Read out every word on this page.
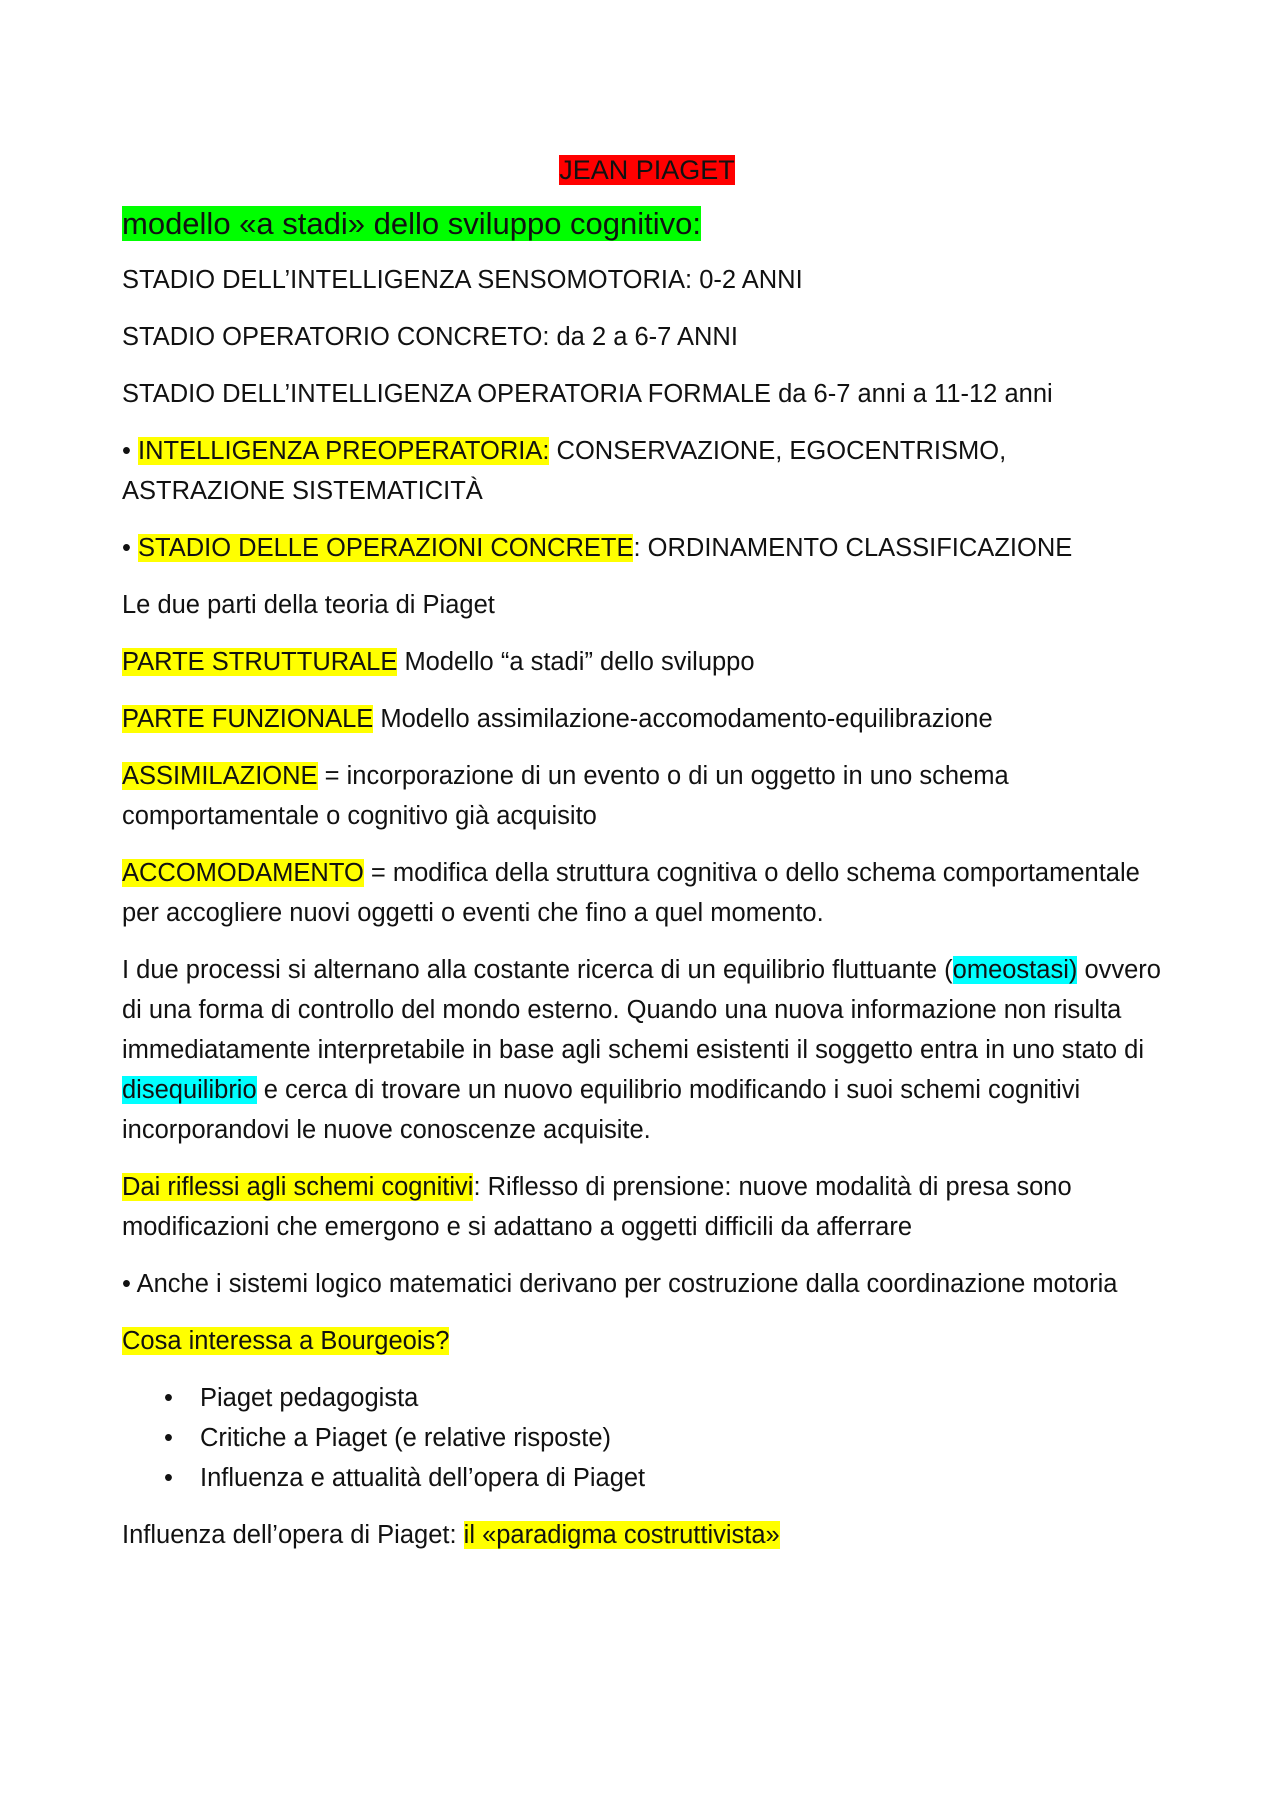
JEAN PIAGET
modello «a stadi» dello sviluppo cognitivo:

STADIO DELL’INTELLIGENZA SENSOMOTORIA: 0-2 ANNI

STADIO OPERATORIO CONCRETO: da 2 a 6-7 ANNI

STADIO DELL’INTELLIGENZA OPERATORIA FORMALE da 6-7 anni a 11-12 anni

• INTELLIGENZA PREOPERATORIA: CONSERVAZIONE, EGOCENTRISMO, ASTRAZIONE SISTEMATICITÀ

• STADIO DELLE OPERAZIONI CONCRETE: ORDINAMENTO CLASSIFICAZIONE

Le due parti della teoria di Piaget

PARTE STRUTTURALE Modello “a stadi” dello sviluppo

PARTE FUNZIONALE Modello assimilazione-accomodamento-equilibrazione

ASSIMILAZIONE = incorporazione di un evento o di un oggetto in uno schema comportamentale o cognitivo già acquisito

ACCOMODAMENTO = modifica della struttura cognitiva o dello schema comportamentale per accogliere nuovi oggetti o eventi che fino a quel momento.

I due processi si alternano alla costante ricerca di un equilibrio fluttuante (omeostasi) ovvero di una forma di controllo del mondo esterno. Quando una nuova informazione non risulta immediatamente interpretabile in base agli schemi esistenti il soggetto entra in uno stato di disequilibrio e cerca di trovare un nuovo equilibrio modificando i suoi schemi cognitivi incorporandovi le nuove conoscenze acquisite.

Dai riflessi agli schemi cognitivi: Riflesso di prensione: nuove modalità di presa sono modificazioni che emergono e si adattano a oggetti difficili da afferrare

• Anche i sistemi logico matematici derivano per costruzione dalla coordinazione motoria

Cosa interessa a Bourgeois?

• Piaget pedagogista
• Critiche a Piaget (e relative risposte)
• Influenza e attualità dell’opera di Piaget

Influenza dell’opera di Piaget: il «paradigma costruttivista»
